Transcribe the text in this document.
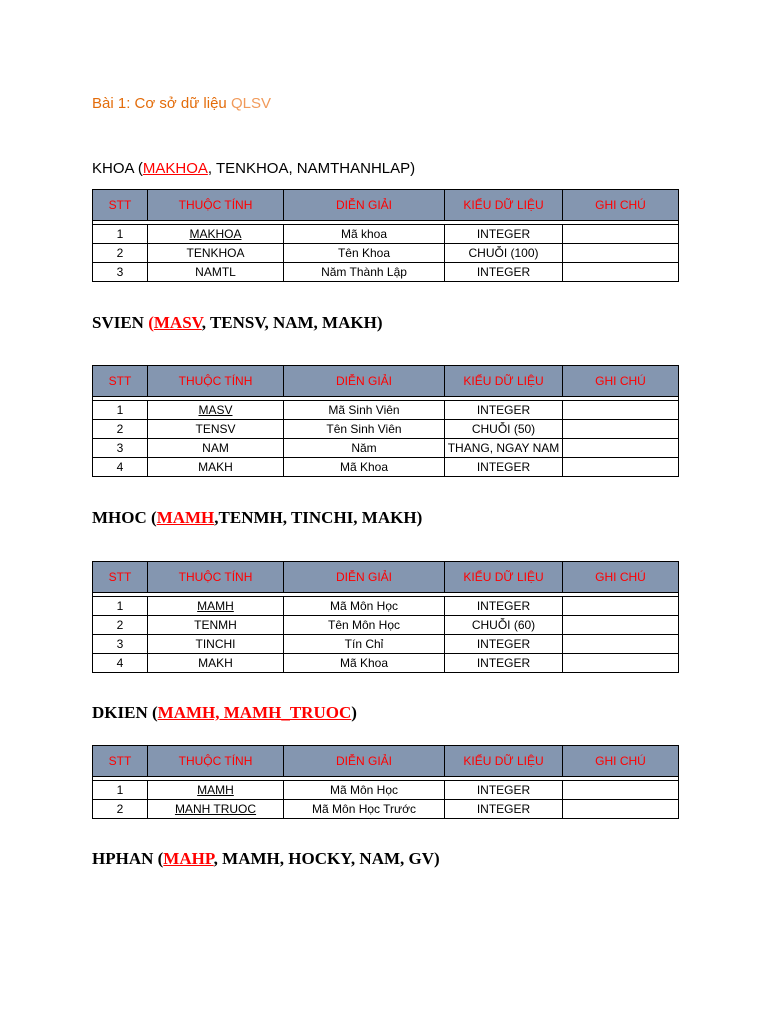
Bài 1: Cơ sở dữ liệu QLSV
KHOA (MAKHOA, TENKHOA, NAMTHANHLAP)
STT	THUỘC TÍNH	DIỄN GIẢI	KIỂU DỮ LIỆU	GHI CHÚ

1	MAKHOA	Mã khoa	INTEGER	
2	TENKHOA	Tên Khoa	CHUỖI (100)	
3	NAMTL	Năm Thành Lập	INTEGER	
SVIEN (MASV, TENSV, NAM, MAKH)
STT	THUỘC TÍNH	DIỄN GIẢI	KIỂU DỮ LIỆU	GHI CHÚ

1	MASV	Mã Sinh Viên	INTEGER	
2	TENSV	Tên Sinh Viên	CHUỖI (50)	
3	NAM	Năm	THANG, NGAY NAM	
4	MAKH	Mã Khoa	INTEGER	
MHOC (MAMH,TENMH, TINCHI, MAKH)
STT	THUỘC TÍNH	DIỄN GIẢI	KIỂU DỮ LIỆU	GHI CHÚ

1	MAMH	Mã Môn Học	INTEGER	
2	TENMH	Tên Môn Học	CHUỖI (60)	
3	TINCHI	Tín Chỉ	INTEGER	
4	MAKH	Mã Khoa	INTEGER	
DKIEN (MAMH, MAMH_TRUOC)
STT	THUỘC TÍNH	DIỄN GIẢI	KIỂU DỮ LIỆU	GHI CHÚ

1	MAMH	Mã Môn Học	INTEGER	
2	MANH TRUOC	Mã Môn Học Trước	INTEGER	
HPHAN (MAHP, MAMH, HOCKY, NAM, GV)
